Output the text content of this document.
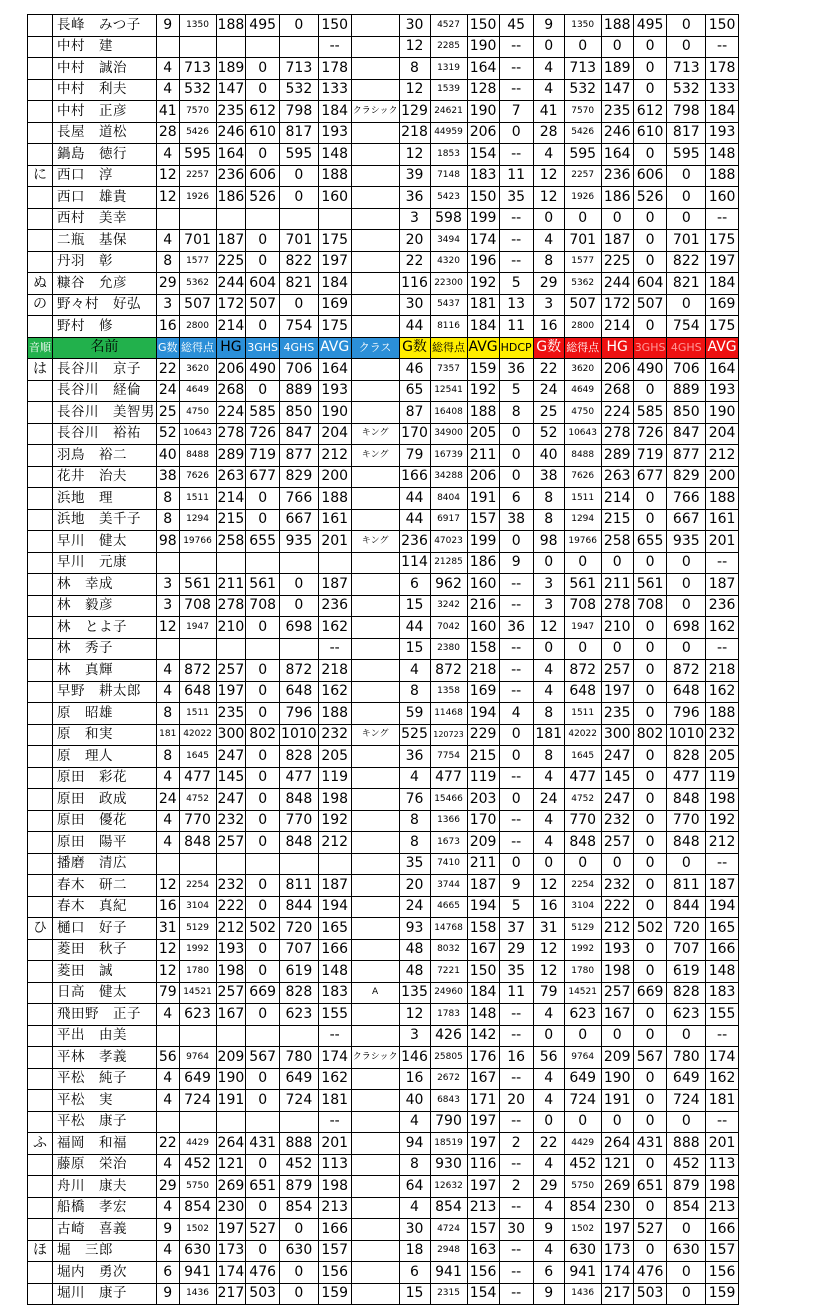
	長峰　みつ子	9	1350	188	495	0	150		30	4527	150	45	9	1350	188	495	0	150
	中村　建						--		12	2285	190	--	0	0	0	0	0	--
	中村　誠治	4	713	189	0	713	178		8	1319	164	--	4	713	189	0	713	178
	中村　利夫	4	532	147	0	532	133		12	1539	128	--	4	532	147	0	532	133
	中村　正彦	41	7570	235	612	798	184	クラシック	129	24621	190	7	41	7570	235	612	798	184
	長屋　道松	28	5426	246	610	817	193		218	44959	206	0	28	5426	246	610	817	193
	鍋島　徳行	4	595	164	0	595	148		12	1853	154	--	4	595	164	0	595	148
に	西口　淳	12	2257	236	606	0	188		39	7148	183	11	12	2257	236	606	0	188
	西口　雄貴	12	1926	186	526	0	160		36	5423	150	35	12	1926	186	526	0	160
	西村　美幸								3	598	199	--	0	0	0	0	0	--
	二瓶　基保	4	701	187	0	701	175		20	3494	174	--	4	701	187	0	701	175
	丹羽　彰	8	1577	225	0	822	197		22	4320	196	--	8	1577	225	0	822	197
ぬ	糠谷　允彦	29	5362	244	604	821	184		116	22300	192	5	29	5362	244	604	821	184
の	野々村　好弘	3	507	172	507	0	169		30	5437	181	13	3	507	172	507	0	169
	野村　修	16	2800	214	0	754	175		44	8116	184	11	16	2800	214	0	754	175
音順	名前	G数	総得点	HG	3GHS	4GHS	AVG	クラス	G数	総得点	AVG	HDCP	G数	総得点	HG	3GHS	4GHS	AVG
は	長谷川　京子	22	3620	206	490	706	164		46	7357	159	36	22	3620	206	490	706	164
	長谷川　経倫	24	4649	268	0	889	193		65	12541	192	5	24	4649	268	0	889	193
	長谷川　美智男	25	4750	224	585	850	190		87	16408	188	8	25	4750	224	585	850	190
	長谷川　裕祐	52	10643	278	726	847	204	キング	170	34900	205	0	52	10643	278	726	847	204
	羽鳥　裕二	40	8488	289	719	877	212	キング	79	16739	211	0	40	8488	289	719	877	212
	花井　治夫	38	7626	263	677	829	200		166	34288	206	0	38	7626	263	677	829	200
	浜地　理	8	1511	214	0	766	188		44	8404	191	6	8	1511	214	0	766	188
	浜地　美千子	8	1294	215	0	667	161		44	6917	157	38	8	1294	215	0	667	161
	早川　健太	98	19766	258	655	935	201	キング	236	47023	199	0	98	19766	258	655	935	201
	早川　元康								114	21285	186	9	0	0	0	0	0	--
	林　幸成	3	561	211	561	0	187		6	962	160	--	3	561	211	561	0	187
	林　毅彦	3	708	278	708	0	236		15	3242	216	--	3	708	278	708	0	236
	林　とよ子	12	1947	210	0	698	162		44	7042	160	36	12	1947	210	0	698	162
	林　秀子						--		15	2380	158	--	0	0	0	0	0	--
	林　真輝	4	872	257	0	872	218		4	872	218	--	4	872	257	0	872	218
	早野　耕太郎	4	648	197	0	648	162		8	1358	169	--	4	648	197	0	648	162
	原　昭雄	8	1511	235	0	796	188		59	11468	194	4	8	1511	235	0	796	188
	原　和実	181	42022	300	802	1010	232	キング	525	120723	229	0	181	42022	300	802	1010	232
	原　理人	8	1645	247	0	828	205		36	7754	215	0	8	1645	247	0	828	205
	原田　彩花	4	477	145	0	477	119		4	477	119	--	4	477	145	0	477	119
	原田　政成	24	4752	247	0	848	198		76	15466	203	0	24	4752	247	0	848	198
	原田　優花	4	770	232	0	770	192		8	1366	170	--	4	770	232	0	770	192
	原田　陽平	4	848	257	0	848	212		8	1673	209	--	4	848	257	0	848	212
	播磨　清広								35	7410	211	0	0	0	0	0	0	--
	春木　研二	12	2254	232	0	811	187		20	3744	187	9	12	2254	232	0	811	187
	春木　真紀	16	3104	222	0	844	194		24	4665	194	5	16	3104	222	0	844	194
ひ	樋口　好子	31	5129	212	502	720	165		93	14768	158	37	31	5129	212	502	720	165
	菱田　秋子	12	1992	193	0	707	166		48	8032	167	29	12	1992	193	0	707	166
	菱田　誠	12	1780	198	0	619	148		48	7221	150	35	12	1780	198	0	619	148
	日高　健太	79	14521	257	669	828	183	A	135	24960	184	11	79	14521	257	669	828	183
	飛田野　正子	4	623	167	0	623	155		12	1783	148	--	4	623	167	0	623	155
	平出　由美						--		3	426	142	--	0	0	0	0	0	--
	平林　孝義	56	9764	209	567	780	174	クラシック	146	25805	176	16	56	9764	209	567	780	174
	平松　純子	4	649	190	0	649	162		16	2672	167	--	4	649	190	0	649	162
	平松　実	4	724	191	0	724	181		40	6843	171	20	4	724	191	0	724	181
	平松　康子						--		4	790	197	--	0	0	0	0	0	--
ふ	福岡　和福	22	4429	264	431	888	201		94	18519	197	2	22	4429	264	431	888	201
	藤原　栄治	4	452	121	0	452	113		8	930	116	--	4	452	121	0	452	113
	舟川　康夫	29	5750	269	651	879	198		64	12632	197	2	29	5750	269	651	879	198
	船橋　孝宏	4	854	230	0	854	213		4	854	213	--	4	854	230	0	854	213
	古崎　喜義	9	1502	197	527	0	166		30	4724	157	30	9	1502	197	527	0	166
ほ	堀　三郎	4	630	173	0	630	157		18	2948	163	--	4	630	173	0	630	157
	堀内　勇次	6	941	174	476	0	156		6	941	156	--	6	941	174	476	0	156
	堀川　康子	9	1436	217	503	0	159		15	2315	154	--	9	1436	217	503	0	159
